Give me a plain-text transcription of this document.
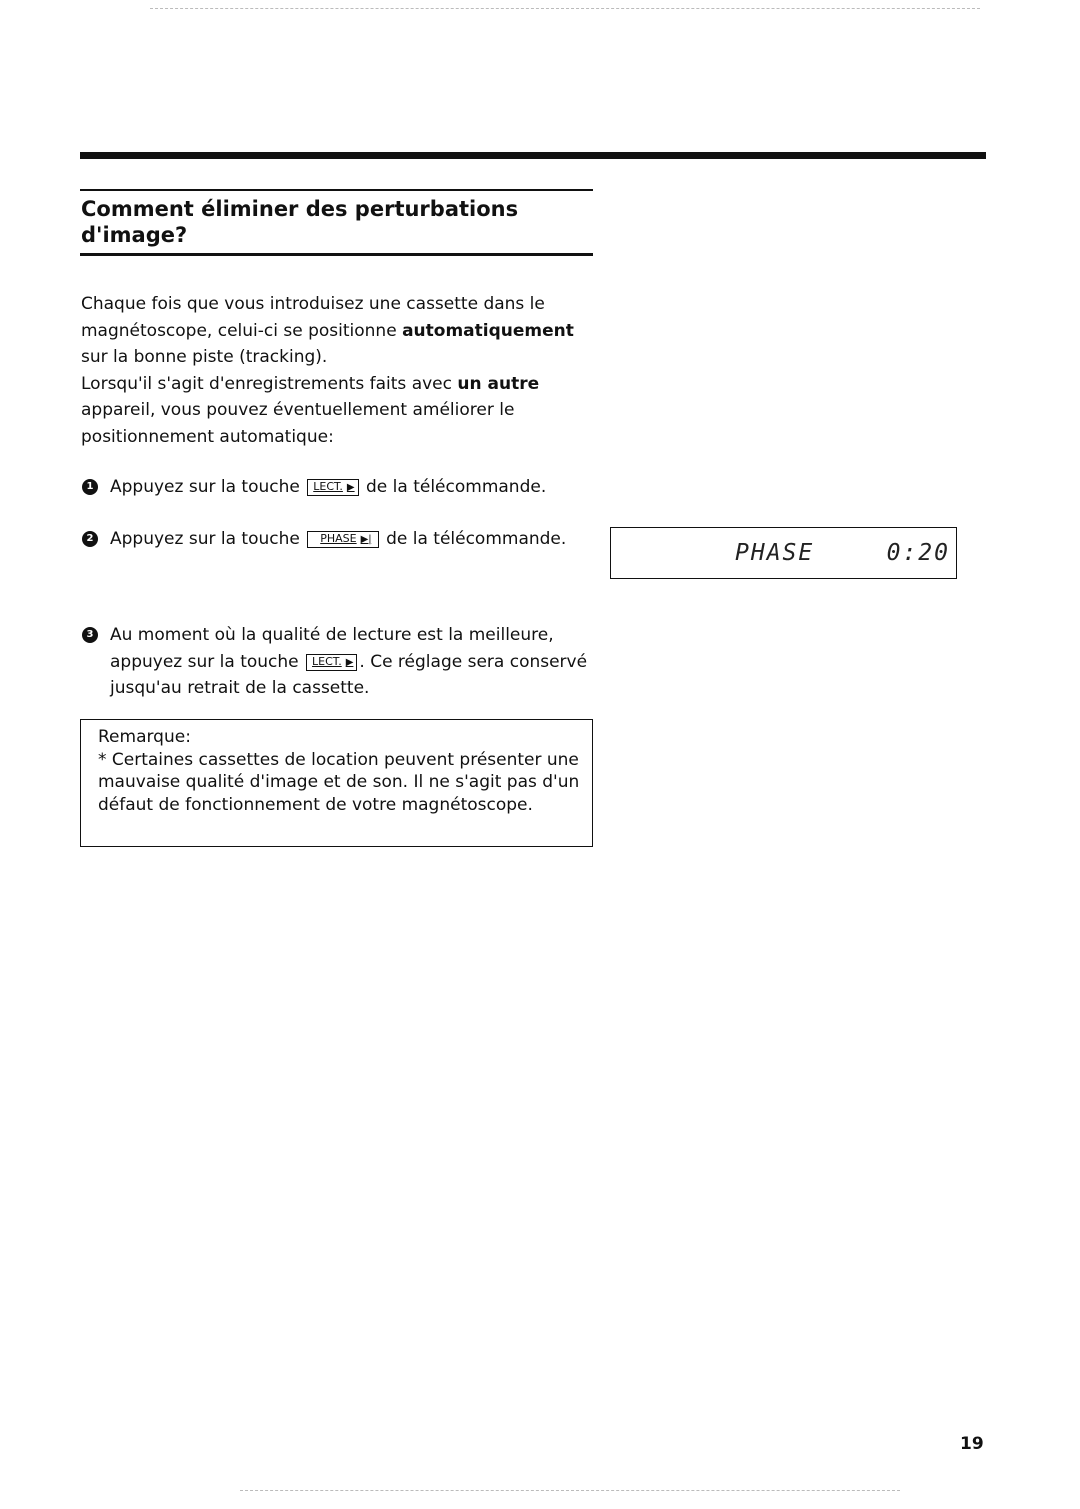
Comment éliminer des perturbations d'image?

Chaque fois que vous introduisez une cassette dans le magnétoscope, celui-ci se positionne automatiquement sur la bonne piste (tracking).

Lorsqu'il s'agit d'enregistrements faits avec un autre appareil, vous pouvez éventuellement améliorer le positionnement automatique:

1 Appuyez sur la touche LECT. ▶ de la télécommande.
2 Appuyez sur la touche PHASE ▶| de la télécommande.
3 Au moment où la qualité de lecture est la meilleure, appuyez sur la touche LECT. ▶ . Ce réglage sera conservé jusqu'au retrait de la cassette.
PHASE	0:20

Remarque:

* Certaines cassettes de location peuvent présenter une mauvaise qualité d'image et de son. Il ne s'agit pas d'un défaut de fonctionnement de votre magnétoscope.

19
